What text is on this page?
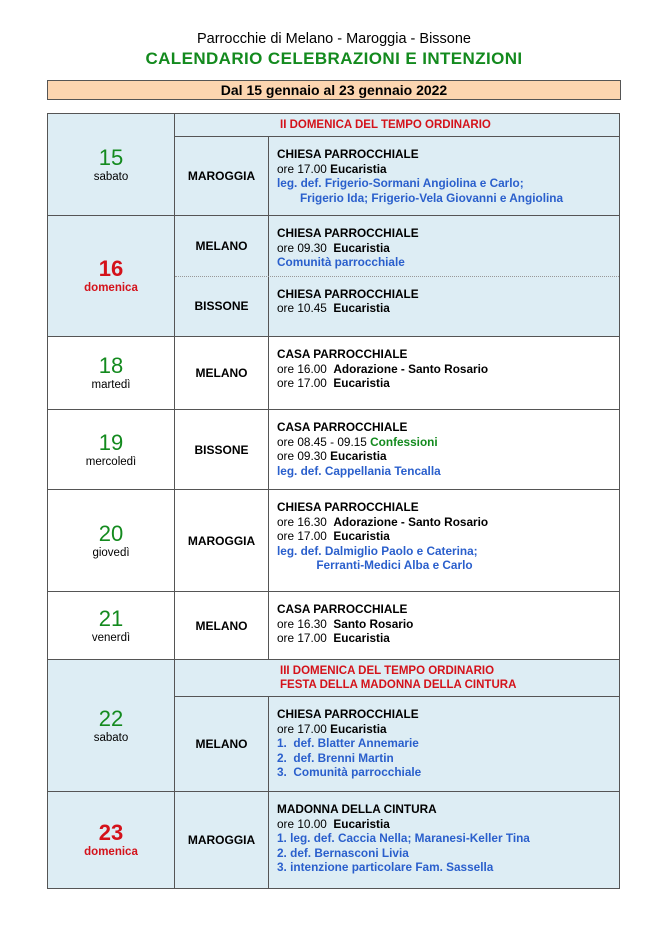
Parrocchie di Melano - Maroggia - Bissone
CALENDARIO CELEBRAZIONI E INTENZIONI
Dal 15 gennaio al 23 gennaio 2022
15
sabato
II DOMENICA DEL TEMPO ORDINARIO
MAROGGIA
CHIESA PARROCCHIALE
ore 17.00 Eucaristia
leg. def. Frigerio-Sormani Angiolina e Carlo;
Frigerio Ida; Frigerio-Vela Giovanni e Angiolina
16
domenica
MELANO
CHIESA PARROCCHIALE
ore 09.30  Eucaristia
Comunità parrocchiale
BISSONE
CHIESA PARROCCHIALE
ore 10.45  Eucaristia
18
martedì
MELANO
CASA PARROCCHIALE
ore 16.00  Adorazione - Santo Rosario
ore 17.00  Eucaristia
19
mercoledì
BISSONE
CASA PARROCCHIALE
ore 08.45 - 09.15 Confessioni
ore 09.30 Eucaristia
leg. def. Cappellania Tencalla
20
giovedì
MAROGGIA
CHIESA PARROCCHIALE
ore 16.30  Adorazione - Santo Rosario
ore 17.00  Eucaristia
leg. def. Dalmiglio Paolo e Caterina;
Ferranti-Medici Alba e Carlo
21
venerdì
MELANO
CASA PARROCCHIALE
ore 16.30  Santo Rosario
ore 17.00  Eucaristia
22
sabato
III DOMENICA DEL TEMPO ORDINARIO
FESTA DELLA MADONNA DELLA CINTURA
MELANO
CHIESA PARROCCHIALE
ore 17.00 Eucaristia
1.  def. Blatter Annemarie
2.  def. Brenni Martin
3.  Comunità parrocchiale
23
domenica
MAROGGIA
MADONNA DELLA CINTURA
ore 10.00  Eucaristia
1. leg. def. Caccia Nella; Maranesi-Keller Tina
2. def. Bernasconi Livia
3. intenzione particolare Fam. Sassella
